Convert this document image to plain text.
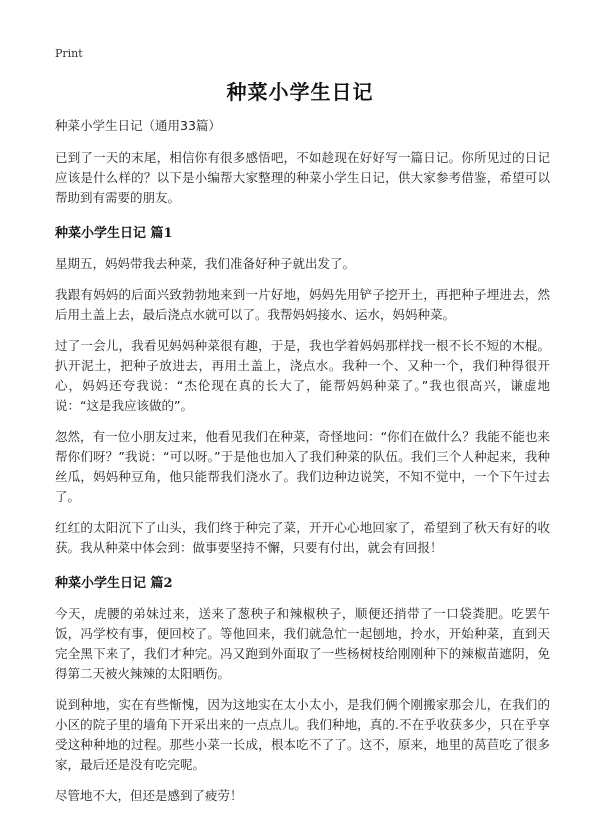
Print
种菜小学生日记

种菜小学生日记（通用33篇）

已到了一天的末尾，相信你有很多感悟吧，不如趁现在好好写一篇日记。你所见过的日记应该是什么样的？以下是小编帮大家整理的种菜小学生日记，供大家参考借鉴，希望可以帮助到有需要的朋友。

种菜小学生日记 篇1

星期五，妈妈带我去种菜，我们准备好种子就出发了。

我跟有妈妈的后面兴致勃勃地来到一片好地，妈妈先用铲子挖开土，再把种子埋进去，然后用土盖上去，最后浇点水就可以了。我帮妈妈接水、运水，妈妈种菜。

过了一会儿，我看见妈妈种菜很有趣，于是，我也学着妈妈那样找一根不长不短的木棍。扒开泥土，把种子放进去，再用土盖上，浇点水。我种一个、又种一个，我们种得很开心，妈妈还夸我说：“杰伦现在真的长大了，能帮妈妈种菜了。”我也很高兴，谦虚地说：“这是我应该做的”。

忽然，有一位小朋友过来，他看见我们在种菜，奇怪地问：“你们在做什么？我能不能也来帮你们呀？”我说：“可以呀。”于是他也加入了我们种菜的队伍。我们三个人种起来，我种丝瓜，妈妈种豆角，他只能帮我们浇水了。我们边种边说笑，不知不觉中，一个下午过去了。

红红的太阳沉下了山头，我们终于种完了菜，开开心心地回家了，希望到了秋天有好的收获。我从种菜中体会到：做事要坚持不懈，只要有付出，就会有回报！

种菜小学生日记 篇2

今天，虎腰的弟妹过来，送来了葱秧子和辣椒秧子，顺便还捎带了一口袋粪肥。吃罢午饭，冯学校有事，便回校了。等他回来，我们就急忙一起刨地，拎水，开始种菜，直到天完全黑下来了，我们才种完。冯又跑到外面取了一些杨树枝给刚刚种下的辣椒苗遮阴，免得第二天被火辣辣的太阳晒伤。

说到种地，实在有些惭愧，因为这地实在太小太小，是我们俩个刚搬家那会儿，在我们的小区的院子里的墙角下开采出来的一点点儿。我们种地，真的.不在乎收获多少，只在乎享受这种种地的过程。那些小菜一长成，根本吃不了了。这不，原来，地里的莴苣吃了很多家，最后还是没有吃完呢。

尽管地不大，但还是感到了疲劳！
